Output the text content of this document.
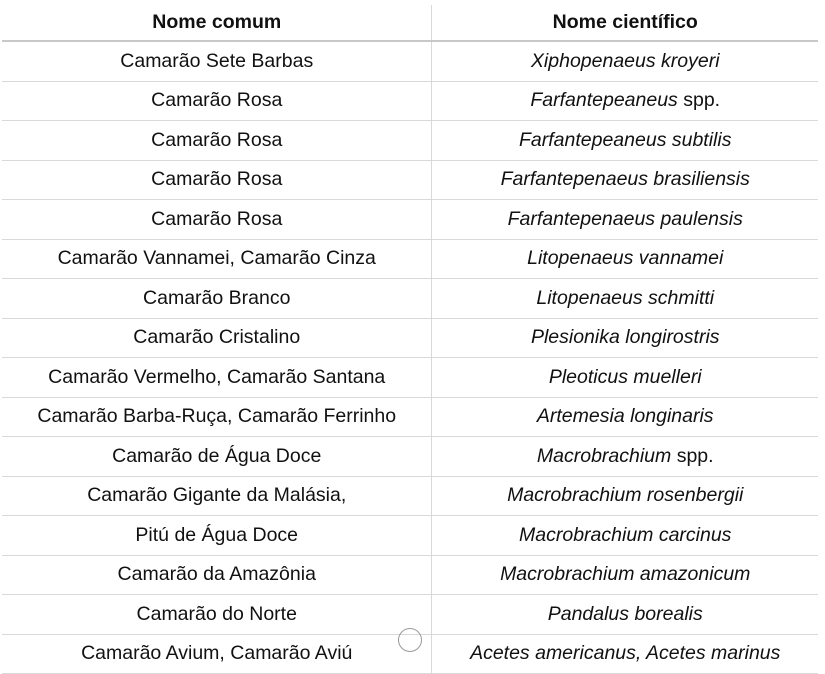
Nome comum	Nome científico
Camarão Sete Barbas	Xiphopenaeus kroyeri
Camarão Rosa	Farfantepeaneus spp.
Camarão Rosa	Farfantepeaneus subtilis
Camarão Rosa	Farfantepenaeus brasiliensis
Camarão Rosa	Farfantepenaeus paulensis
Camarão Vannamei, Camarão Cinza	Litopenaeus vannamei
Camarão Branco	Litopenaeus schmitti
Camarão Cristalino	Plesionika longirostris
Camarão Vermelho, Camarão Santana	Pleoticus muelleri
Camarão Barba-Ruça, Camarão Ferrinho	Artemesia longinaris
Camarão de Água Doce	Macrobrachium spp.
Camarão Gigante da Malásia,	Macrobrachium rosenbergii
Pitú de Água Doce	Macrobrachium carcinus
Camarão da Amazônia	Macrobrachium amazonicum
Camarão do Norte	Pandalus borealis
Camarão Avium, Camarão Aviú	Acetes americanus, Acetes marinus
